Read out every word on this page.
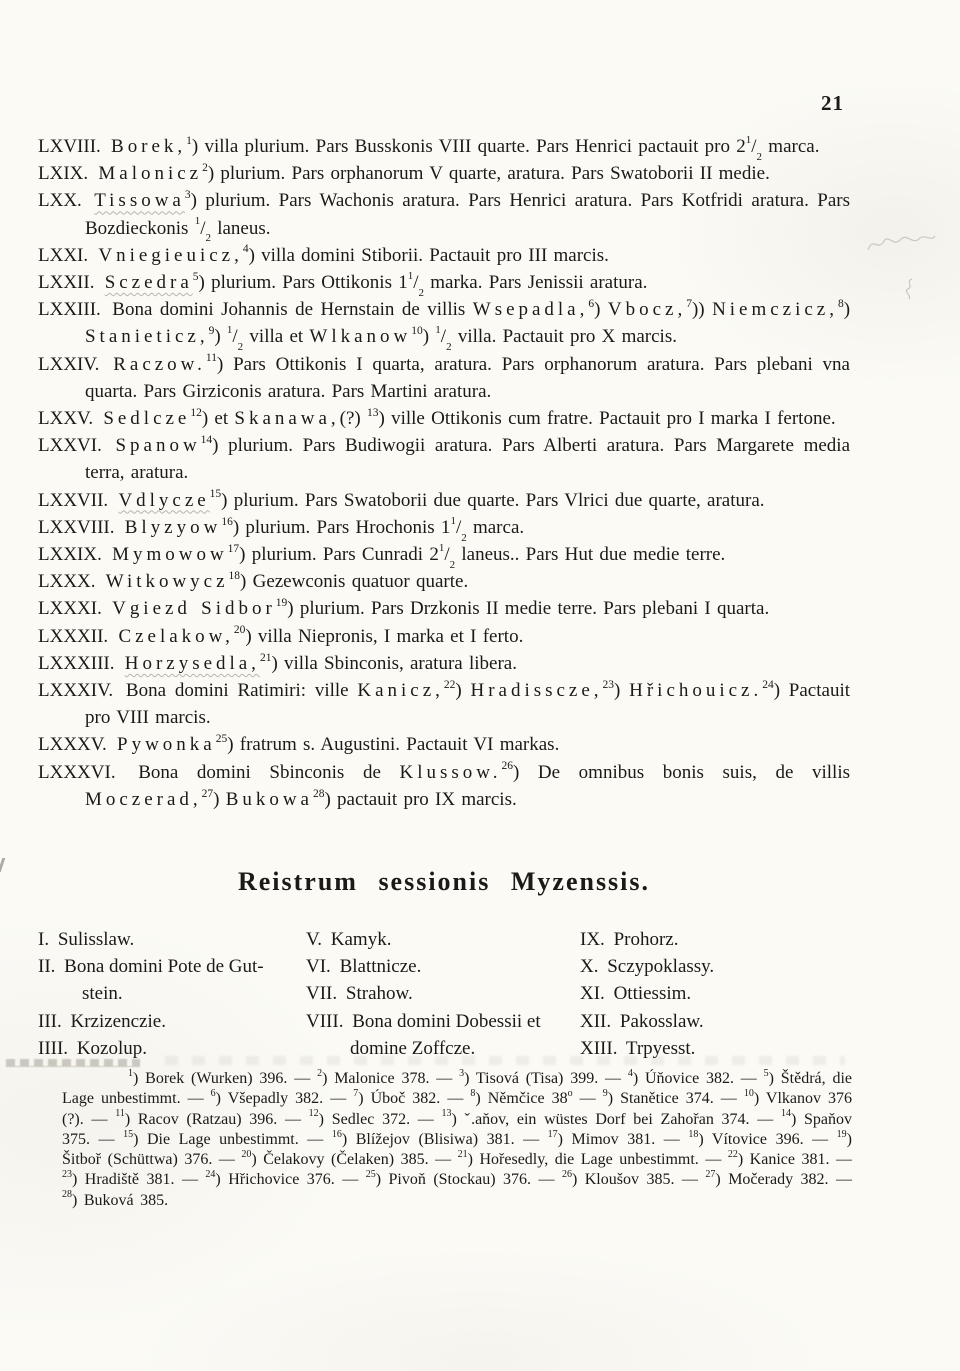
21

LXVIII. Borek,$^1$) villa plurium. Pars Busskonis VIII quarte. Pars Henrici pactauit pro $2^1/_2$ marca.

LXIX. Malonicz$^2$) plurium. Pars orphanorum V quarte, aratura. Pars Swatoborii II medie.

LXX. Tissowa$^3$) plurium. Pars Wachonis aratura. Pars Henrici aratura. Pars Kotfridi aratura. Pars Bozdieckonis $^1/_2$ laneus.

LXXI. Vniegieuicz,$^4$) villa domini Stiborii. Pactauit pro III marcis.

LXXII. Sczedra$^5$) plurium. Pars Ottikonis $1^1/_2$ marka. Pars Jenissii aratura.

LXXIII. Bona domini Johannis de Hernstain de villis Wsepadla,$^6$) Vbocz,$^7$)) Niemczicz,$^8$) Stanieticz,$^9$) $^1/_2$ villa et Wlkanow$^{10}$) $^1/_2$ villa. Pactauit pro X marcis.

LXXIV. Raczow.$^{11}$) Pars Ottikonis I quarta, aratura. Pars orphanorum aratura. Pars plebani vna quarta. Pars Girziconis aratura. Pars Martini aratura.

LXXV. Sedlcze$^{12}$) et Skanawa,(?) $^{13}$) ville Ottikonis cum fratre. Pactauit pro I marka I fertone.

LXXVI. Spanow$^{14}$) plurium. Pars Budiwogii aratura. Pars Alberti aratura. Pars Margarete media terra, aratura.

LXXVII. Vdlycze$^{15}$) plurium. Pars Swatoborii due quarte. Pars Vlrici due quarte, aratura.

LXXVIII. Blyzyow$^{16}$) plurium. Pars Hrochonis $1^1/_2$ marca.

LXXIX. Mymowow$^{17}$) plurium. Pars Cunradi $2^1/_2$ laneus.. Pars Hut due medie terre.

LXXX. Witkowycz$^{18}$) Gezewconis quatuor quarte.

LXXXI. Vgiezd Sidbor$^{19}$) plurium. Pars Drzkonis II medie terre. Pars plebani I quarta.

LXXXII. Czelakow,$^{20}$) villa Niepronis, I marka et I ferto.

LXXXIII. Horzysedla,$^{21}$) villa Sbinconis, aratura libera.

LXXXIV. Bona domini Ratimiri: ville Kanicz,$^{22}$) Hradisscze,$^{23}$) Hřichouicz.$^{24}$) Pactauit pro VIII marcis.

LXXXV. Pywonka$^{25}$) fratrum s. Augustini. Pactauit VI markas.

LXXXVI. Bona domini Sbinconis de Klussow.$^{26}$) De omnibus bonis suis, de villis Moczerad,$^{27}$) Bukowa$^{28}$) pactauit pro IX marcis.

Reistrum sessionis Myzenssis.
I. Sulisslaw.
II. Bona domini Pote de Gut-
stein.
III. Krzizenczie.
IIII. Kozolup.
V. Kamyk.
VI. Blattnicze.
VII. Strahow.
VIII. Bona domini Dobessii et
domine Zoffcze.
IX. Prohorz.
X. Sczypoklassy.
XI. Ottiessim.
XII. Pakosslaw.
XIII. Trpyesst.

$^1$) Borek (Wurken) 396. — $^2$) Malonice 378. — $^3$) Tisová (Tisa) 399. — $^4$) Úňovice 382. — $^5$) Štědrá, die Lage unbestimmt. — $^6$) Všepadly 382. — $^7$) Úboč 382. — $^8$) Němčice 38$^o$ — $^9$) Stanětice 374. — $^{10}$) Vlkanov 376 (?). — $^{11}$) Racov (Ratzau) 396. — $^{12}$) Sedlec 372. — $^{13}$) ˇ.aňov, ein wüstes Dorf bei Zahořan 374. — $^{14}$) Spaňov 375. — $^{15}$) Die Lage unbestimmt. — $^{16}$) Blížejov (Blisiwa) 381. — $^{17}$) Mimov 381. — $^{18}$) Vítovice 396. — $^{19}$) Šitboř (Schüttwa) 376. — $^{20}$) Čelakovy (Čelaken) 385. — $^{21}$) Hořesedly, die Lage unbestimmt. — $^{22}$) Kanice 381. — $^{23}$) Hradiště 381. — $^{24}$) Hřichovice 376. — $^{25}$) Pivoň (Stockau) 376. — $^{26}$) Kloušov 385. — $^{27}$) Močerady 382. — $^{28}$) Buková 385.
